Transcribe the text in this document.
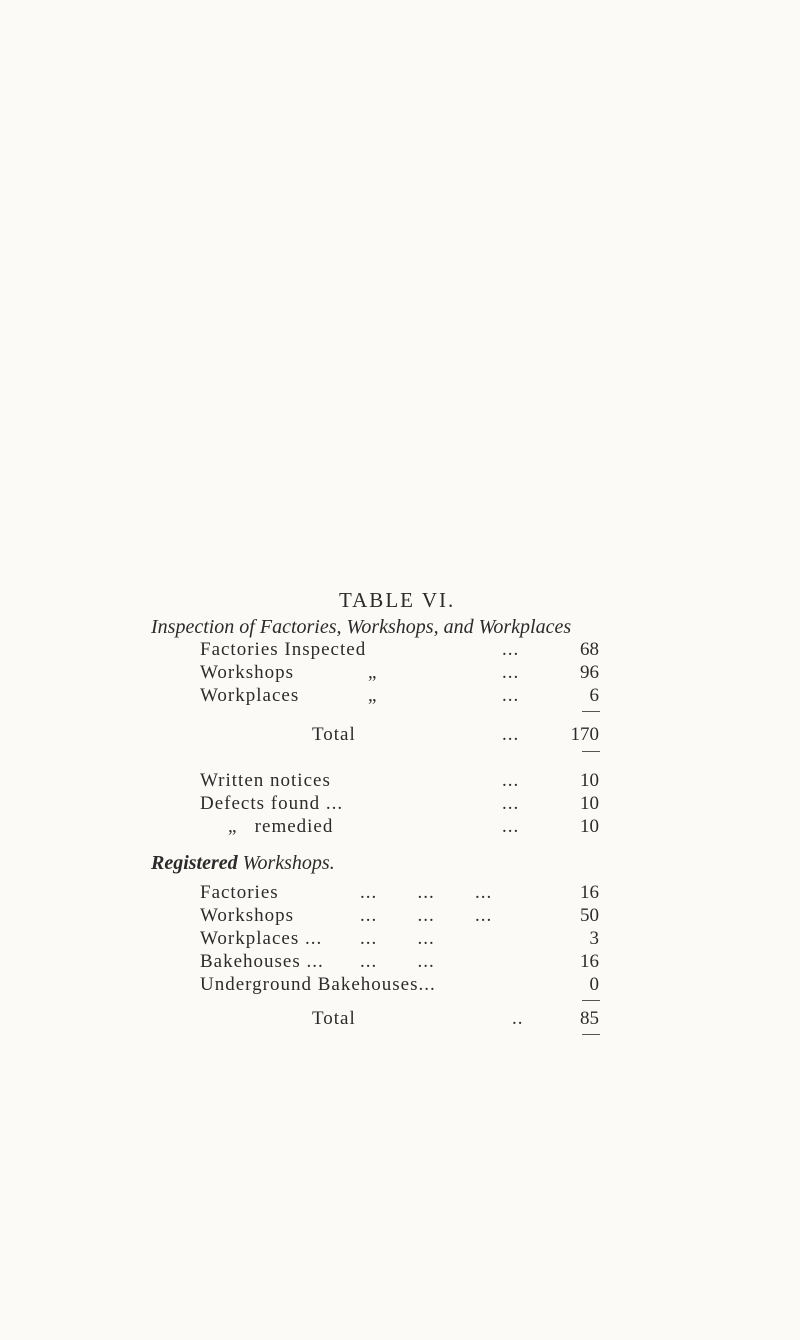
TABLE VI.
Inspection of Factories, Workshops, and Workplaces
Factories Inspected	...	68
Workshops	„	...	96
Workplaces	„	...	6
Total	...	170
Written notices	...	10
Defects found ...	...	10
„   remedied	...	10
Registered Workshops.
Factories	...       ...       ...	16
Workshops	...       ...       ...	50
Workplaces ... ...       ...	3
Bakehouses ... ...       ...	16
Underground Bakehouses...	0
Total	..	85
